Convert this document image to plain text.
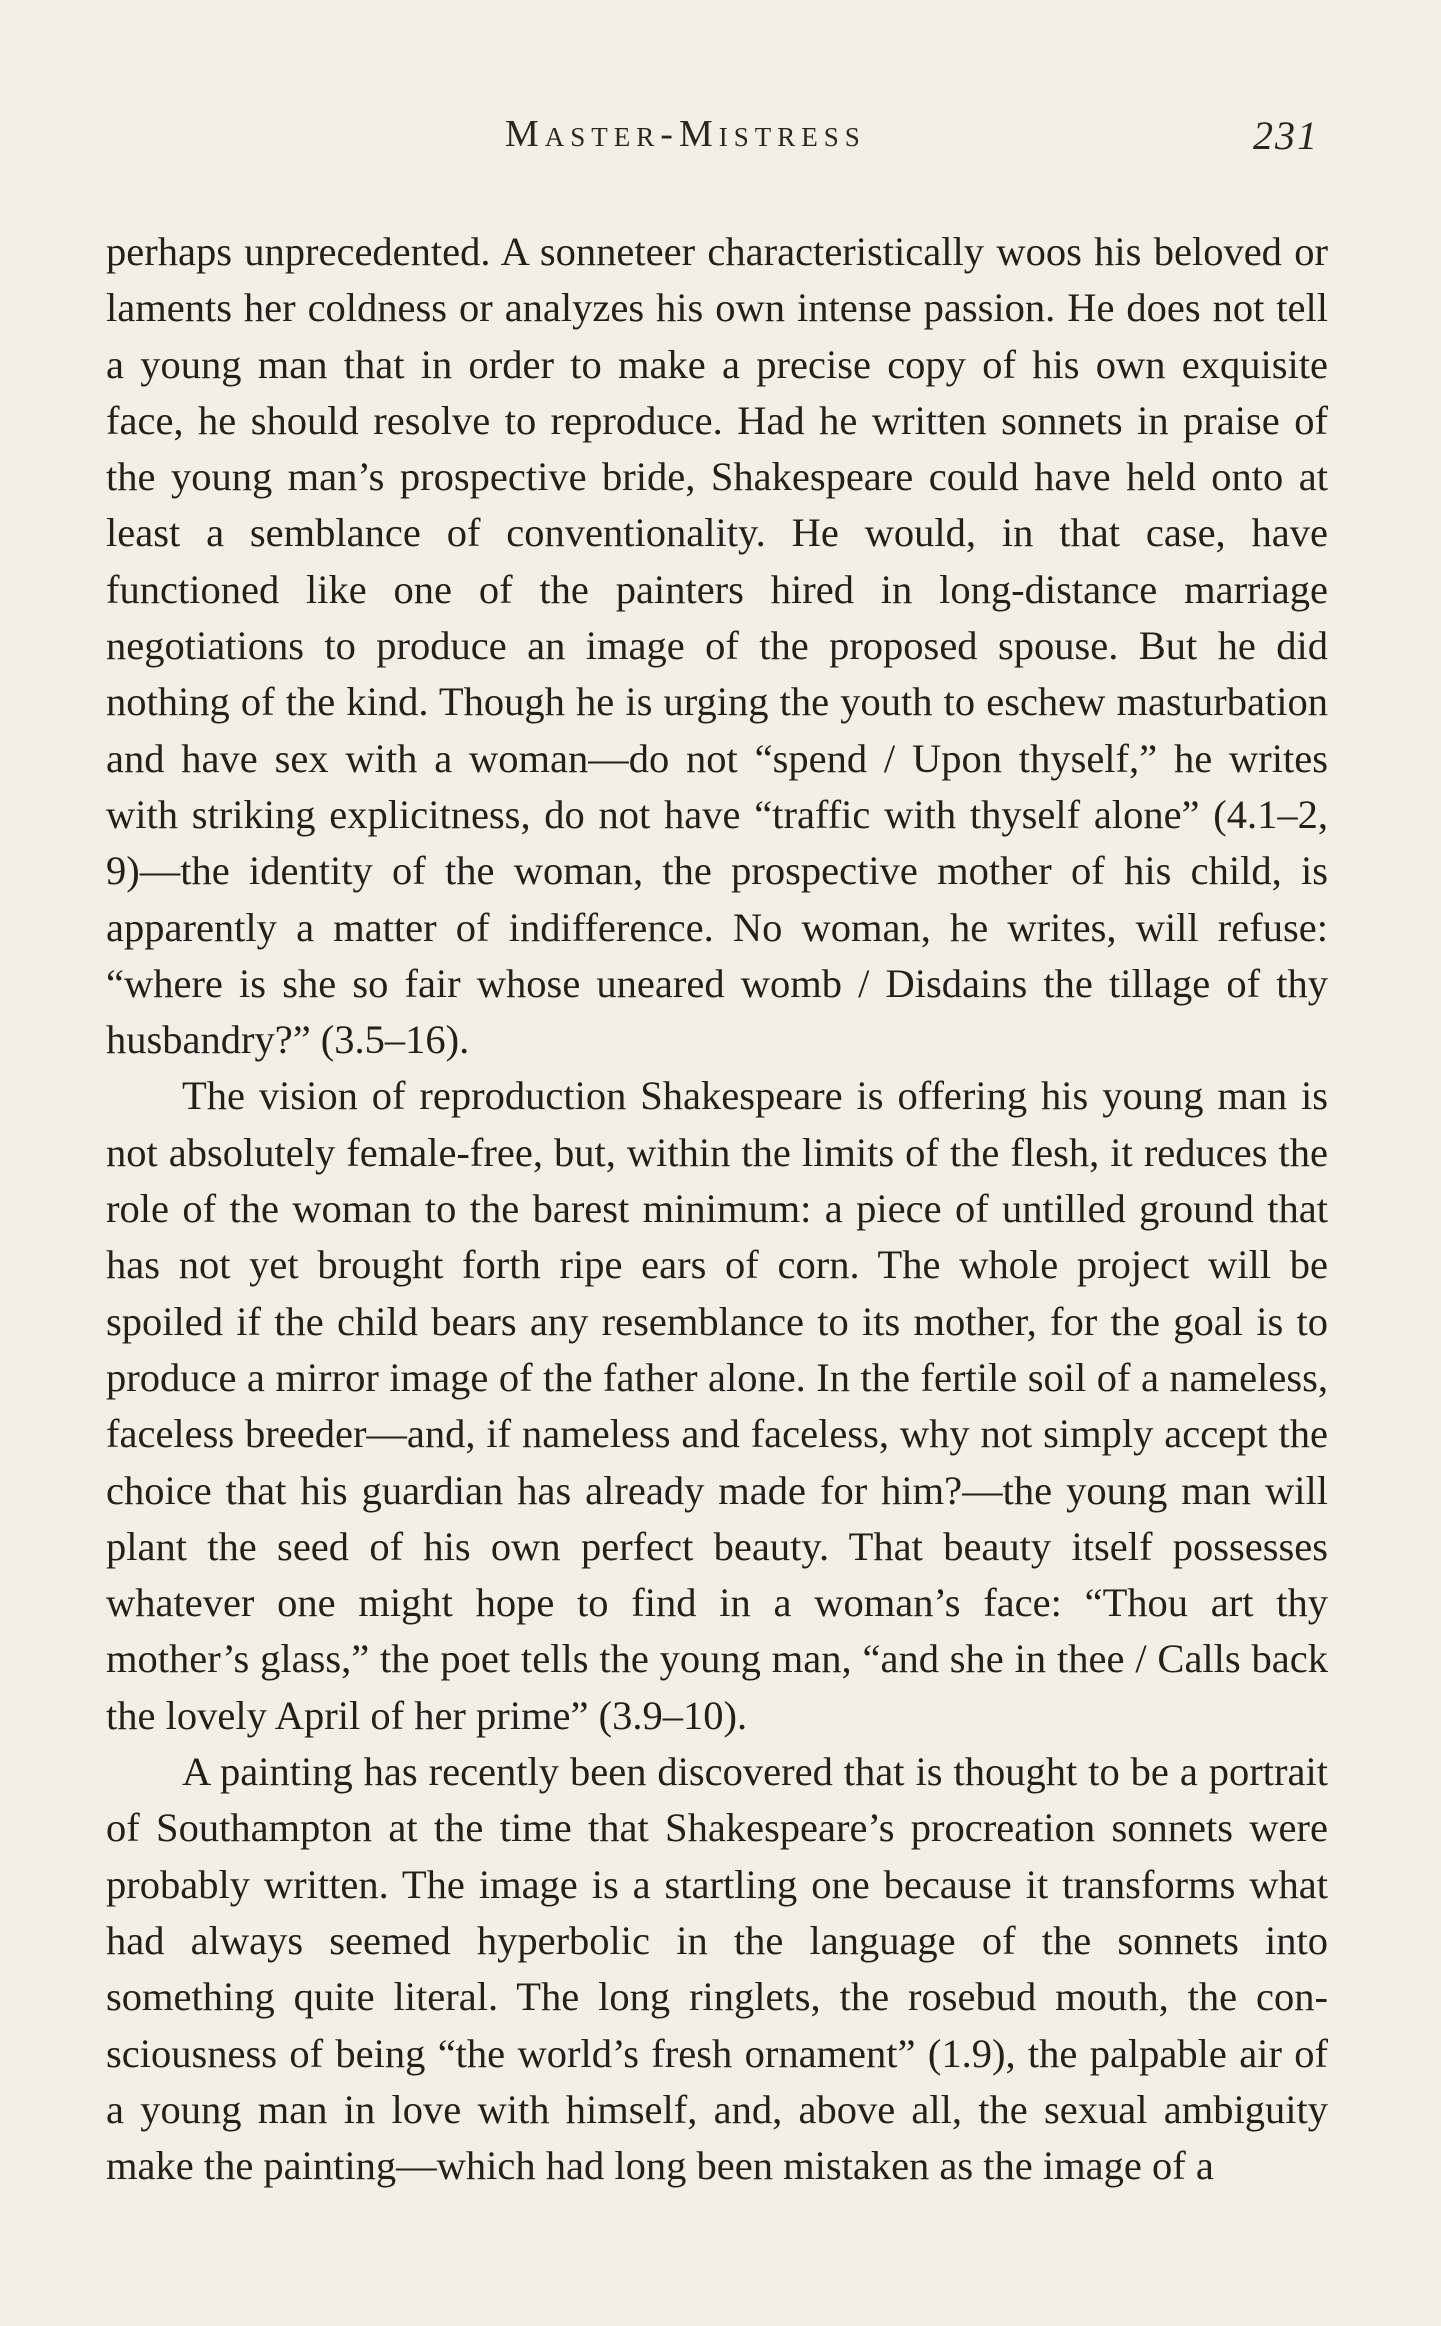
Master-Mistress	231

perhaps unprecedented. A sonneteer characteristically woos his beloved or laments her coldness or analyzes his own intense passion. He does not tell a young man that in order to make a precise copy of his own exquisite face, he should resolve to reproduce. Had he written sonnets in praise of the young man’s prospective bride, Shakespeare could have held onto at least a semblance of conventionality. He would, in that case, have functioned like one of the painters hired in long-distance marriage negotiations to produce an image of the proposed spouse. But he did nothing of the kind. Though he is urging the youth to eschew masturbation and have sex with a woman—do not “spend / Upon thyself,” he writes with striking explicitness, do not have “traffic with thyself alone” (4.1–2, 9)—the identity of the woman, the prospective mother of his child, is apparently a matter of indifference. No woman, he writes, will refuse: “where is she so fair whose uneared womb / Disdains the tillage of thy husbandry?” (3.5–16).

The vision of reproduction Shakespeare is offering his young man is not absolutely female-free, but, within the limits of the flesh, it reduces the role of the woman to the barest minimum: a piece of untilled ground that has not yet brought forth ripe ears of corn. The whole project will be spoiled if the child bears any resemblance to its mother, for the goal is to produce a mirror image of the father alone. In the fertile soil of a nameless, faceless breeder—and, if nameless and faceless, why not simply accept the choice that his guardian has already made for him?—the young man will plant the seed of his own perfect beauty. That beauty itself possesses whatever one might hope to find in a woman’s face: “Thou art thy mother’s glass,” the poet tells the young man, “and she in thee / Calls back the lovely April of her prime” (3.9–10).

A painting has recently been discovered that is thought to be a portrait of Southampton at the time that Shakespeare’s procreation sonnets were probably written. The image is a startling one because it transforms what had always seemed hyperbolic in the language of the sonnets into something quite literal. The long ringlets, the rosebud mouth, the consciousness of being “the world’s fresh ornament” (1.9), the palpable air of a young man in love with himself, and, above all, the sexual ambiguity make the painting—which had long been mistaken as the image of a
